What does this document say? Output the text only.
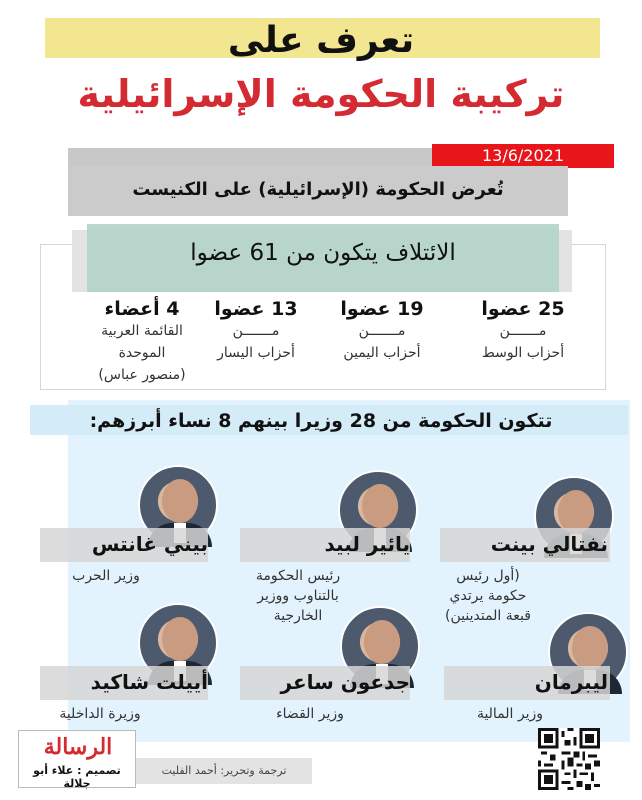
تعرف على
تركيبة الحكومة الإسرائيلية
13/6/2021
تُعرض الحكومة (الإسرائيلية) على الكنيست
الائتلاف يتكون من 61 عضوا
25 عضوا
مـــــــن
أحزاب الوسط
19 عضوا
مـــــــن
أحزاب اليمين
13 عضوا
مـــــــن
أحزاب اليسار
4 أعضاء
القائمة العربية
الموحدة
(منصور عباس)
تتكون الحكومة من 28 وزيرا بينهم 8 نساء أبرزهم:
نفتالي بينت
(أول رئيس
حكومة يرتدي
قبعة المتدينين)
يائير لبيد
رئيس الحكومة
بالتناوب ووزير
الخارجية
بيني غانتس
وزير الحرب
ليبرمان
وزير المالية
جدعون ساعر
وزير القضاء
أييلت شاكيد
وزيرة الداخلية
الرسالة
تصميم : علاء أبو جلالة
ترجمة وتحرير: أحمد الفليت
